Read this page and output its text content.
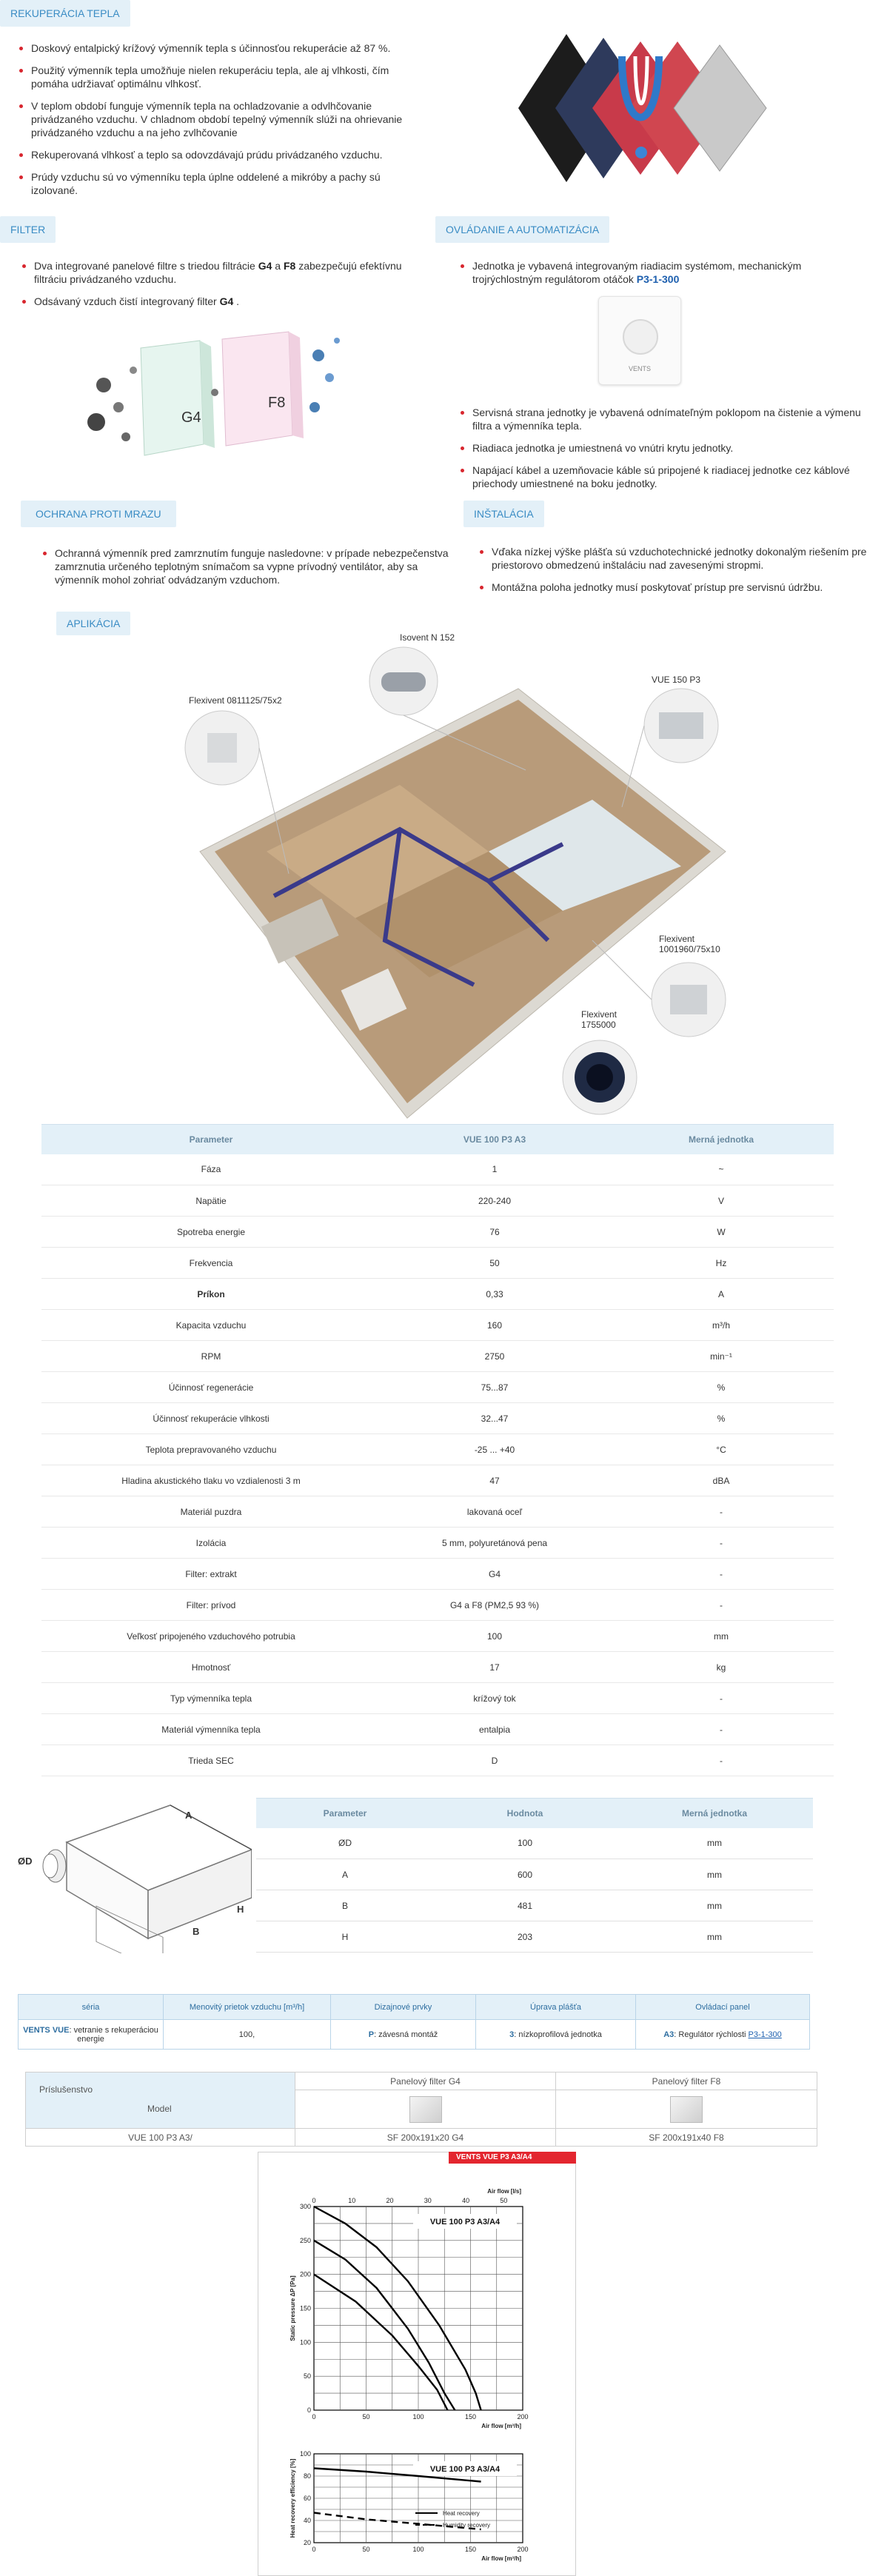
REKUPERÁCIA TEPLA
Doskový entalpický krížový výmenník tepla s účinnosťou rekuperácie až 87 %.
Použitý výmenník tepla umožňuje nielen rekuperáciu tepla, ale aj vlhkosti, čím pomáha udržiavať optimálnu vlhkosť.
V teplom období funguje výmenník tepla na ochladzovanie a odvlhčovanie privádzaného vzduchu. V chladnom období tepelný výmenník slúži na ohrievanie privádzaného vzduchu a na jeho zvlhčovanie
Rekuperovaná vlhkosť a teplo sa odovzdávajú prúdu privádzaného vzduchu.
Prúdy vzduchu sú vo výmenníku tepla úplne oddelené a mikróby a pachy sú izolované.
FILTER
Dva integrované panelové filtre s triedou filtrácie G4 a F8 zabezpečujú efektívnu filtráciu privádzaného vzduchu.
Odsávaný vzduch čistí integrovaný filter G4 .
G4
F8
OVLÁDANIE A AUTOMATIZÁCIA
Jednotka je vybavená integrovaným riadiacim systémom, mechanickým trojrýchlostným regulátorom otáčok P3-1-300
VENTS
Servisná strana jednotky je vybavená odnímateľným poklopom na čistenie a výmenu filtra a výmenníka tepla.
Riadiaca jednotka je umiestnená vo vnútri krytu jednotky.
Napájací kábel a uzemňovacie káble sú pripojené k riadiacej jednotke cez káblové priechody umiestnené na boku jednotky.
OCHRANA PROTI MRAZU
Ochranná výmenník pred zamrznutím funguje nasledovne: v prípade nebezpečenstva zamrznutia určeného teplotným snímačom sa vypne prívodný ventilátor, aby sa výmenník mohol zohriať odvádzaným vzduchom.
INŠTALÁCIA
Vďaka nízkej výške plášťa sú vzduchotechnické jednotky dokonalým riešením pre priestorovo obmedzenú inštaláciu nad zavesenými stropmi.
Montážna poloha jednotky musí poskytovať prístup pre servisnú údržbu.
APLIKÁCIA
Isovent N 152
VUE 150 P3
Flexivent 0811125/75x2
Flexivent
1001960/75x10
Flexivent
1755000
Parameter	VUE 100 P3 A3	Merná jednotka
Fáza	1	~
Napätie	220-240	V
Spotreba energie	76	W
Frekvencia	50	Hz
Príkon	0,33	A
Kapacita vzduchu	160	m³/h
RPM	2750	min⁻¹
Účinnosť regenerácie	75...87	%
Účinnosť rekuperácie vlhkosti	32...47	%
Teplota prepravovaného vzduchu	-25 ... +40	°C
Hladina akustického tlaku vo vzdialenosti 3 m	47	dBA
Materiál puzdra	lakovaná oceľ	-
Izolácia	5 mm, polyuretánová pena	-
Filter: extrakt	G4	-
Filter: prívod	G4 a F8 (PM2,5 93 %)	-
Veľkosť pripojeného vzduchového potrubia	100	mm
Hmotnosť	17	kg
Typ výmenníka tepla	krížový tok	-
Materiál výmenníka tepla	entalpia	-
Trieda SEC	D	-
A
B
H
ØD
Parameter	Hodnota	Merná jednotka
ØD	100	mm
A	600	mm
B	481	mm
H	203	mm
séria	Menovitý prietok vzduchu [m³/h]	Dizajnové prvky	Úprava plášťa	Ovládací panel
VENTS VUE: vetranie s rekuperáciou energie	100,	P: závesná montáž	3: nízkoprofilová jednotka	A3: Regulátor rýchlosti P3-1-300
Príslušenstvo
Model	Panelový filter G4	Panelový filter F8

VUE 100 P3 A3/	SF 200x191x20 G4	SF 200x191x40 F8
VENTS VUE P3 A3/A4
0	50	100	150	200
0
50
100
150
200
250
300
0	10	20	30	40	50
Air flow [l/s]
Air flow [m³/h]
Static pressure ΔP [Pa]
VUE 100 P3 A3/A4
0	50	100	150	200
20
40
60
80
100
Air flow [m³/h]
Heat recovery efficiency [%]	VUE 100 P3 A3/A4
Heat recovery
Humidity recovery
